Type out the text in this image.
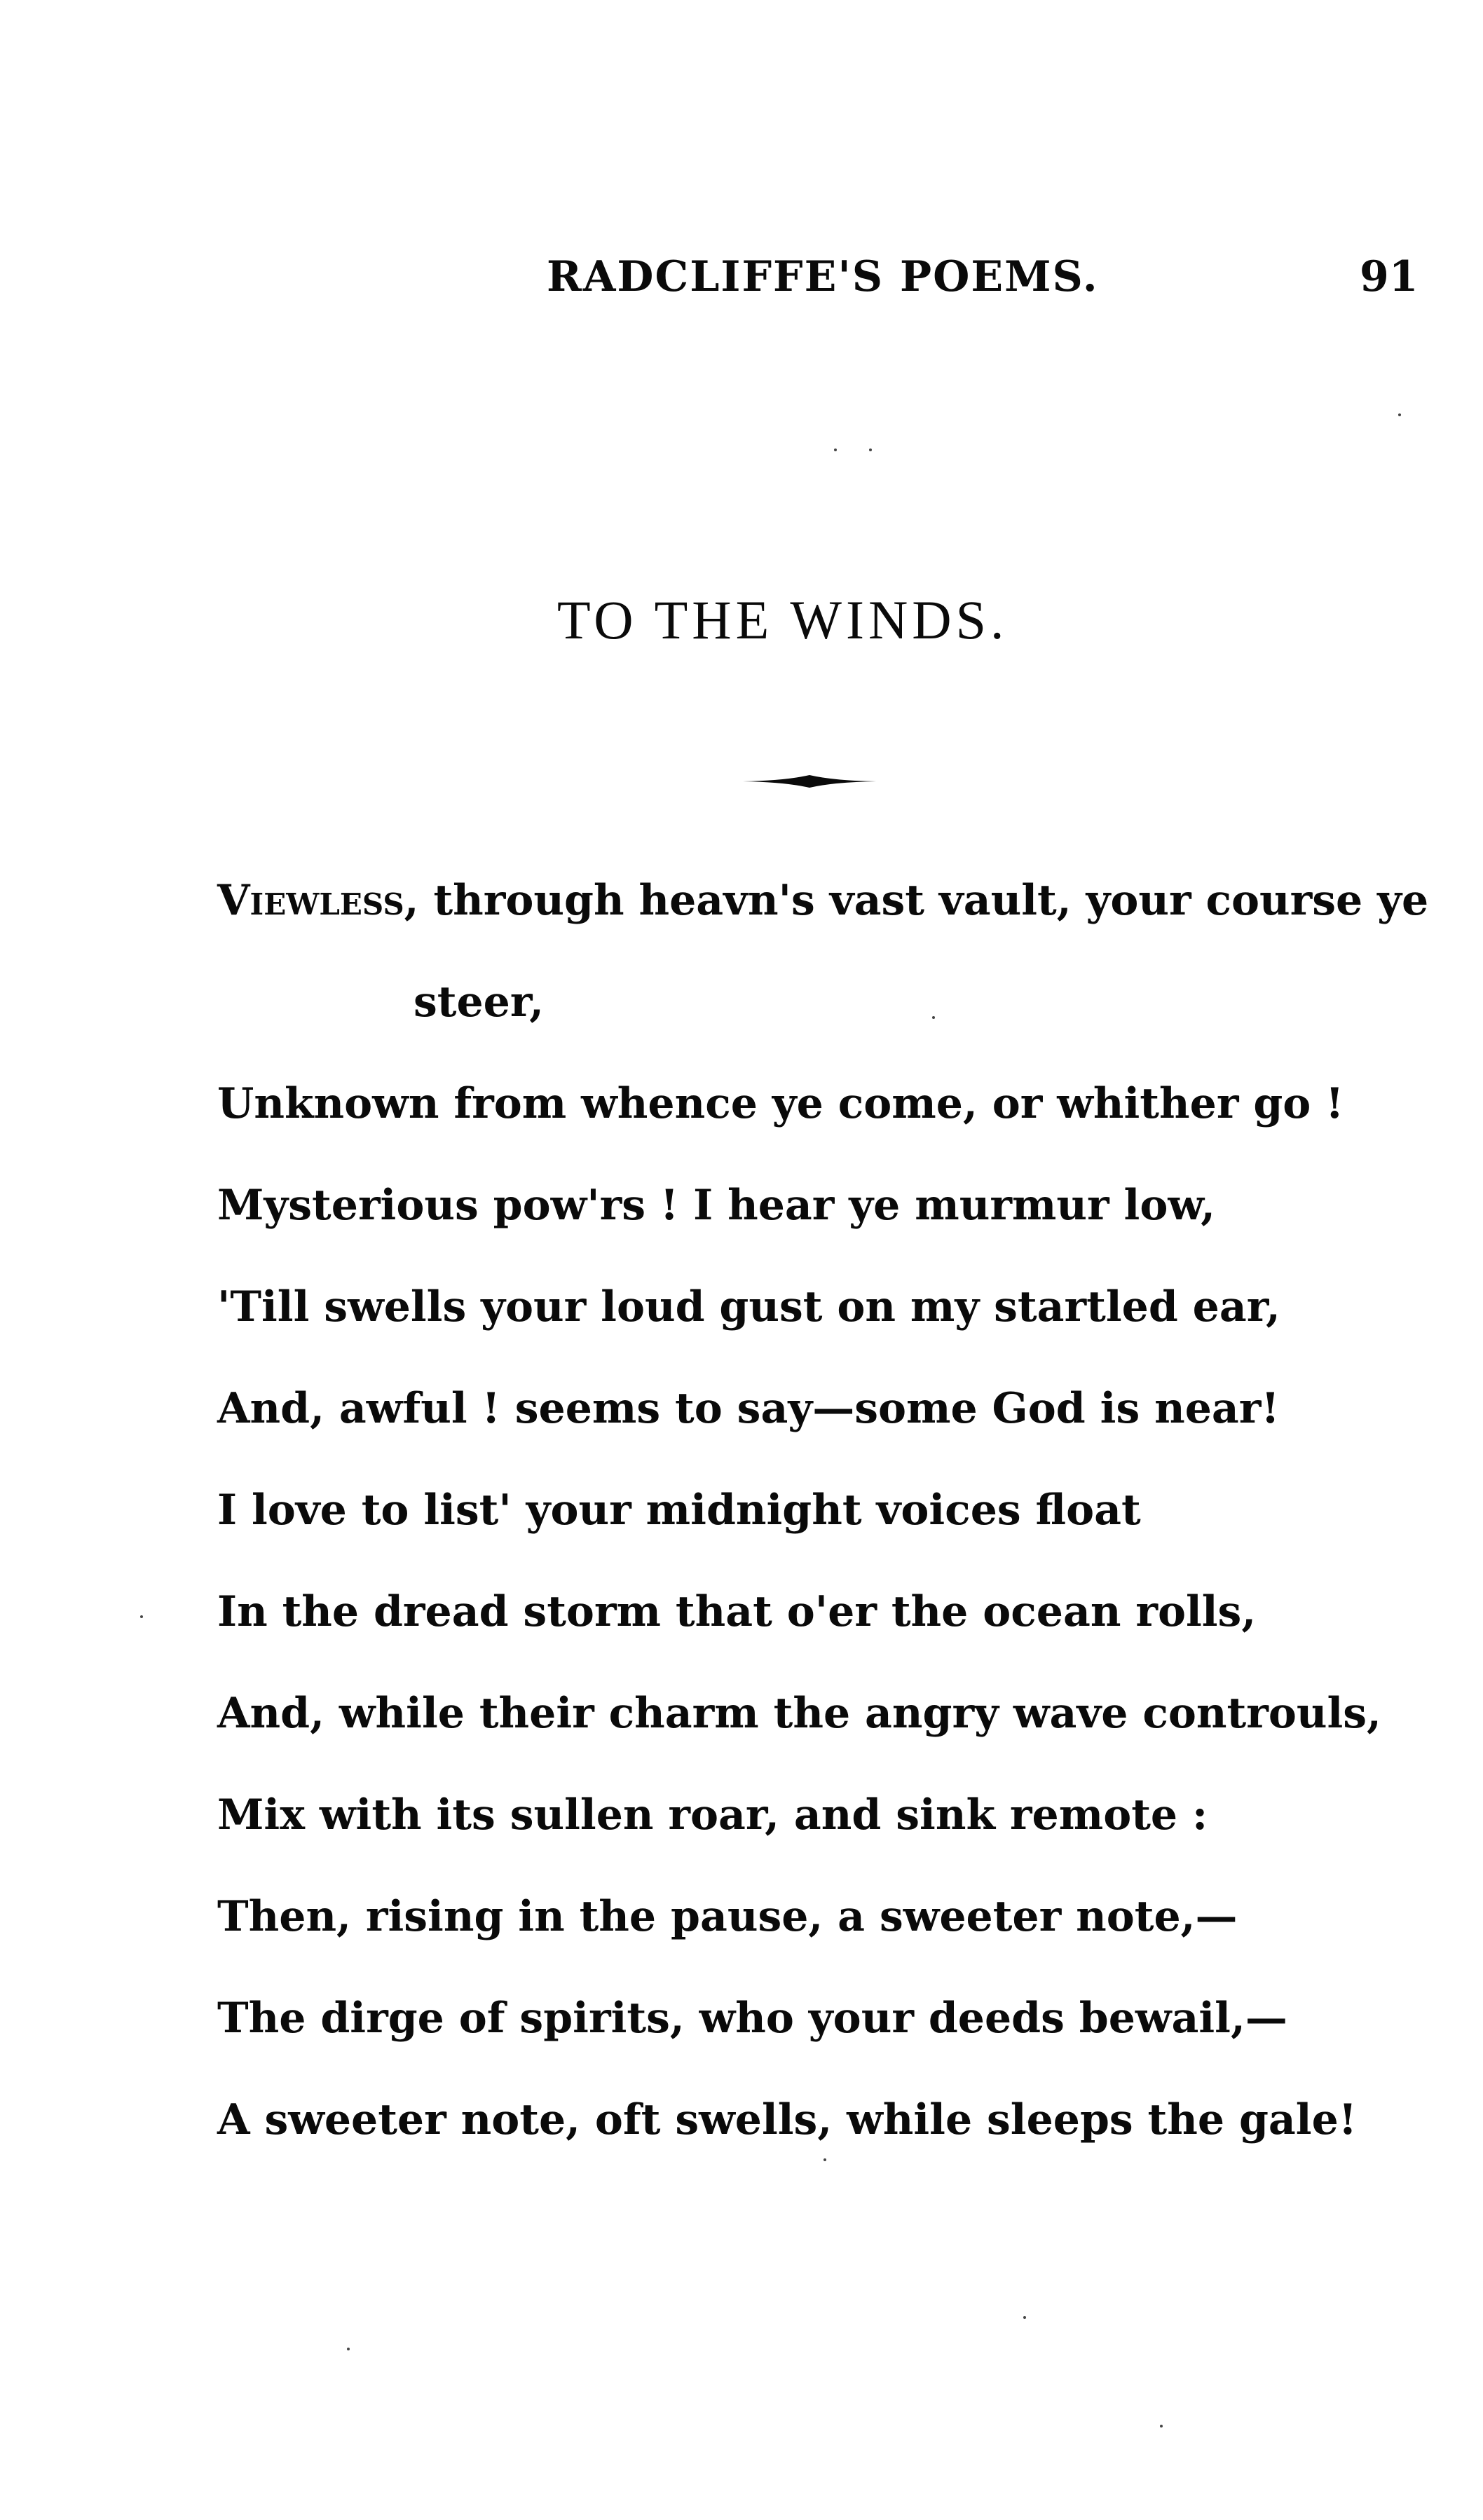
RADCLIFFE'S POEMS.	91
TO THE WINDS.
Viewless, through heavn's vast vault, your course ye
steer,
Unknown from whence ye come, or whither go !
Mysterious pow'rs ! I hear ye murmur low,
'Till swells your loud gust on my startled ear,
And, awful ! seems to say—some God is near!
I love to list' your midnight voices float
In the dread storm that o'er the ocean rolls,
And, while their charm the angry wave controuls,
Mix with its sullen roar, and sink remote :
Then, rising in the pause, a sweeter note,—
The dirge of spirits, who your deeds bewail,—
A sweeter note, oft swells, while sleeps the gale!
